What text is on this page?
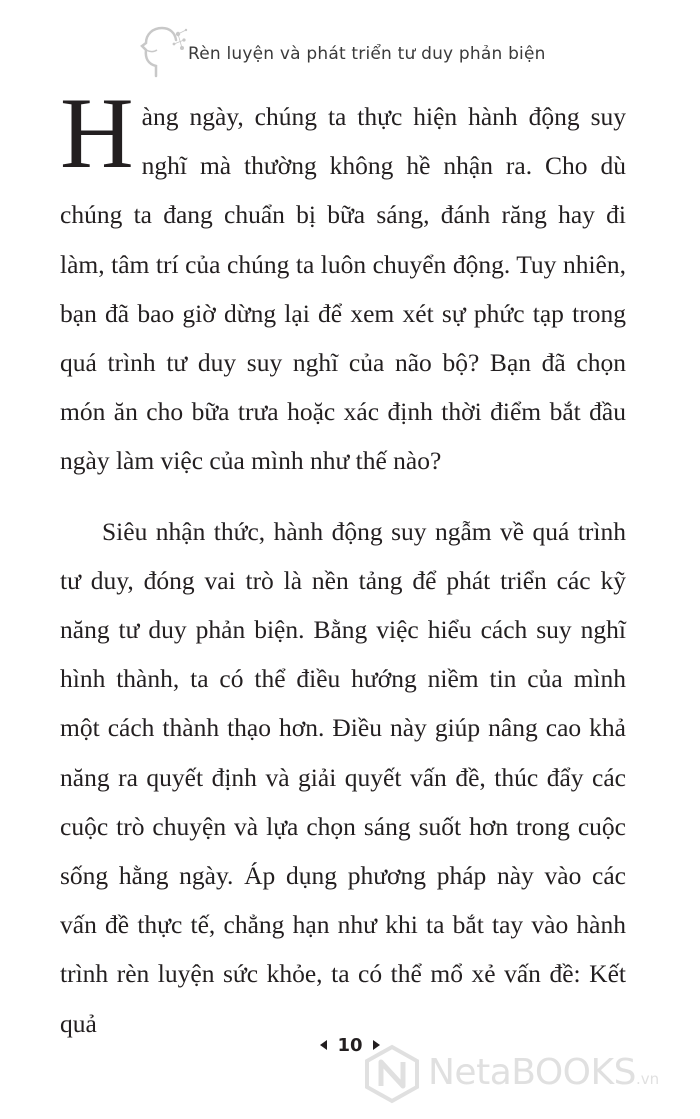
Rèn luyện và phát triển tư duy phản biện

Hàng ngày, chúng ta thực hiện hành động suy nghĩ mà thường không hề nhận ra. Cho dù chúng ta đang chuẩn bị bữa sáng, đánh răng hay đi làm, tâm trí của chúng ta luôn chuyển động. Tuy nhiên, bạn đã bao giờ dừng lại để xem xét sự phức tạp trong quá trình tư duy suy nghĩ của não bộ? Bạn đã chọn món ăn cho bữa trưa hoặc xác định thời điểm bắt đầu ngày làm việc của mình như thế nào?

Siêu nhận thức, hành động suy ngẫm về quá trình tư duy, đóng vai trò là nền tảng để phát triển các kỹ năng tư duy phản biện. Bằng việc hiểu cách suy nghĩ hình thành, ta có thể điều hướng niềm tin của mình một cách thành thạo hơn. Điều này giúp nâng cao khả năng ra quyết định và giải quyết vấn đề, thúc đẩy các cuộc trò chuyện và lựa chọn sáng suốt hơn trong cuộc sống hằng ngày. Áp dụng phương pháp này vào các vấn đề thực tế, chẳng hạn như khi ta bắt tay vào hành trình rèn luyện sức khỏe, ta có thể mổ xẻ vấn đề: Kết quả

10
NetaBOOKS.vn
